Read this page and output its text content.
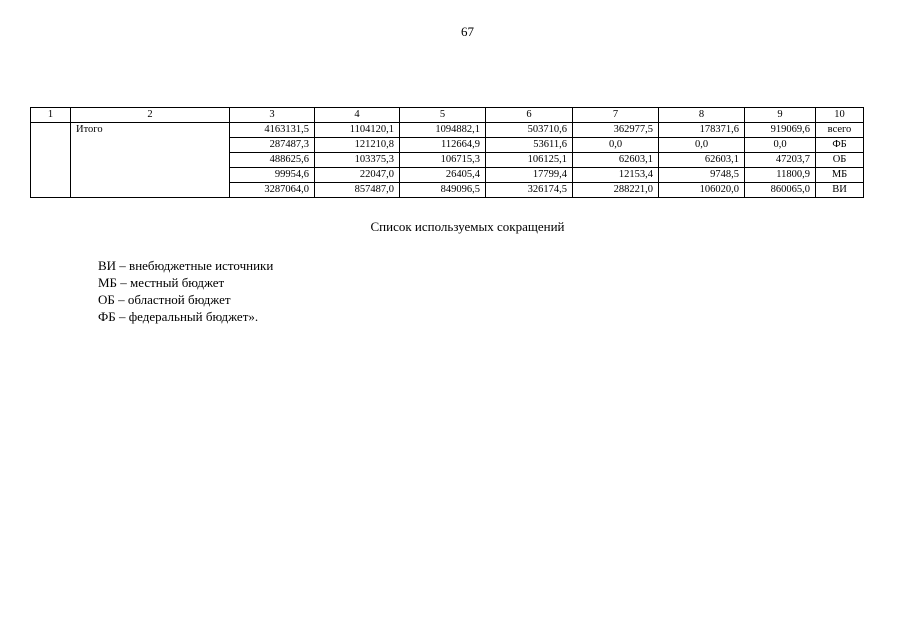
67
1	2	3	4	5	6	7	8	9	10
	Итого	4163131,5	1104120,1	1094882,1	503710,6	362977,5	178371,6	919069,6	всего
		287487,3	121210,8	112664,9	53611,6	0,0	0,0	0,0	ФБ
		488625,6	103375,3	106715,3	106125,1	62603,1	62603,1	47203,7	ОБ
		99954,6	22047,0	26405,4	17799,4	12153,4	9748,5	11800,9	МБ
		3287064,0	857487,0	849096,5	326174,5	288221,0	106020,0	860065,0	ВИ
Список используемых сокращений
ВИ – внебюджетные источники
МБ – местный бюджет
ОБ – областной бюджет
ФБ – федеральный бюджет».
